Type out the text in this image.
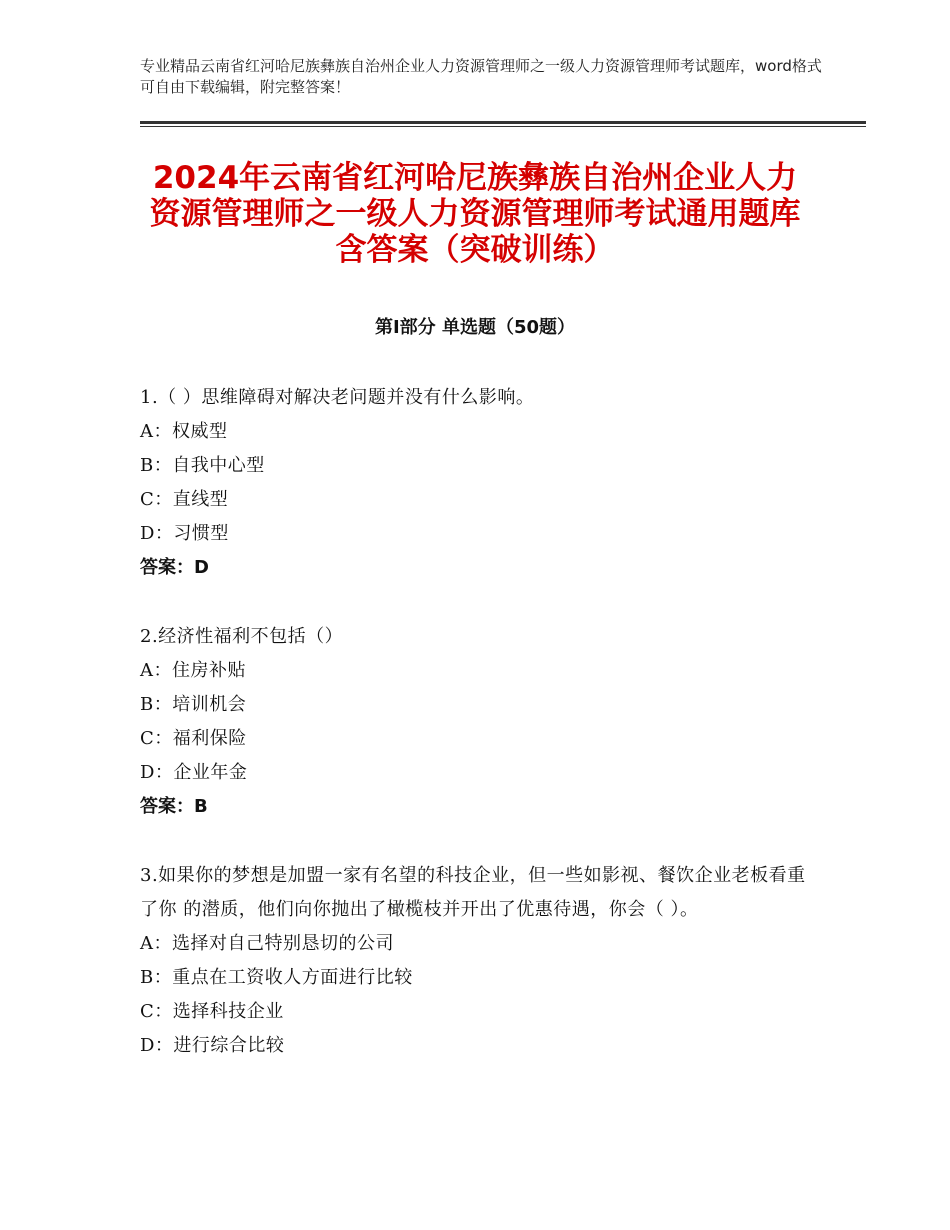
专业精品云南省红河哈尼族彝族自治州企业人力资源管理师之一级人力资源管理师考试题库，word格式可自由下载编辑，附完整答案！
2024年云南省红河哈尼族彝族自治州企业人力资源管理师之一级人力资源管理师考试通用题库含答案（突破训练）
第Ⅰ部分 单选题（50题）

1.（ ）思维障碍对解决老问题并没有什么影响。

A：权威型

B：自我中心型

C：直线型

D：习惯型

答案：D

2.经济性福利不包括（）

A：住房补贴

B：培训机会

C：福利保险

D：企业年金

答案：B

3.如果你的梦想是加盟一家有名望的科技企业，但一些如影视、餐饮企业老板看重了你 的潜质，他们向你抛出了橄榄枝并开出了优惠待遇，你会（ ）。

A：选择对自己特别恳切的公司

B：重点在工资收人方面进行比较

C：选择科技企业

D：进行综合比较
